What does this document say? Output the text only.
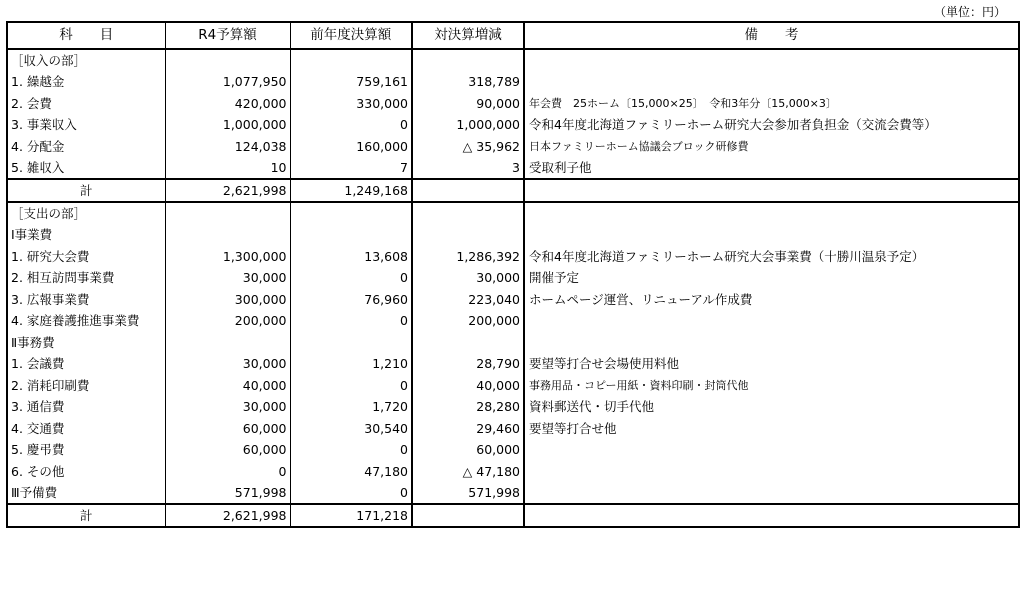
（単位：円）
科　　目	R4予算額	前年度決算額	対決算増減	備　　考
［収入の部］				
1. 繰越金	1,077,950	759,161	318,789	
2. 会費	420,000	330,000	90,000	年会費　25ホーム〔15,000×25〕　令和3年分〔15,000×3〕
3. 事業収入	1,000,000	0	1,000,000	令和4年度北海道ファミリーホーム研究大会参加者負担金（交流会費等）
4. 分配金	124,038	160,000	△ 35,962	日本ファミリーホーム協議会ブロック研修費
5. 雑収入	10	7	3	受取利子他
計	2,621,998	1,249,168		
［支出の部］				
Ⅰ事業費				
1. 研究大会費	1,300,000	13,608	1,286,392	令和4年度北海道ファミリーホーム研究大会事業費（十勝川温泉予定）
2. 相互訪問事業費	30,000	0	30,000	開催予定
3. 広報事業費	300,000	76,960	223,040	ホームページ運営、リニューアル作成費
4. 家庭養護推進事業費	200,000	0	200,000	
Ⅱ事務費				
1. 会議費	30,000	1,210	28,790	要望等打合せ会場使用料他
2. 消耗印刷費	40,000	0	40,000	事務用品・コピー用紙・資料印刷・封筒代他
3. 通信費	30,000	1,720	28,280	資料郵送代・切手代他
4. 交通費	60,000	30,540	29,460	要望等打合せ他
5. 慶弔費	60,000	0	60,000	
6. その他	0	47,180	△ 47,180	
Ⅲ予備費	571,998	0	571,998	
計	2,621,998	171,218		
